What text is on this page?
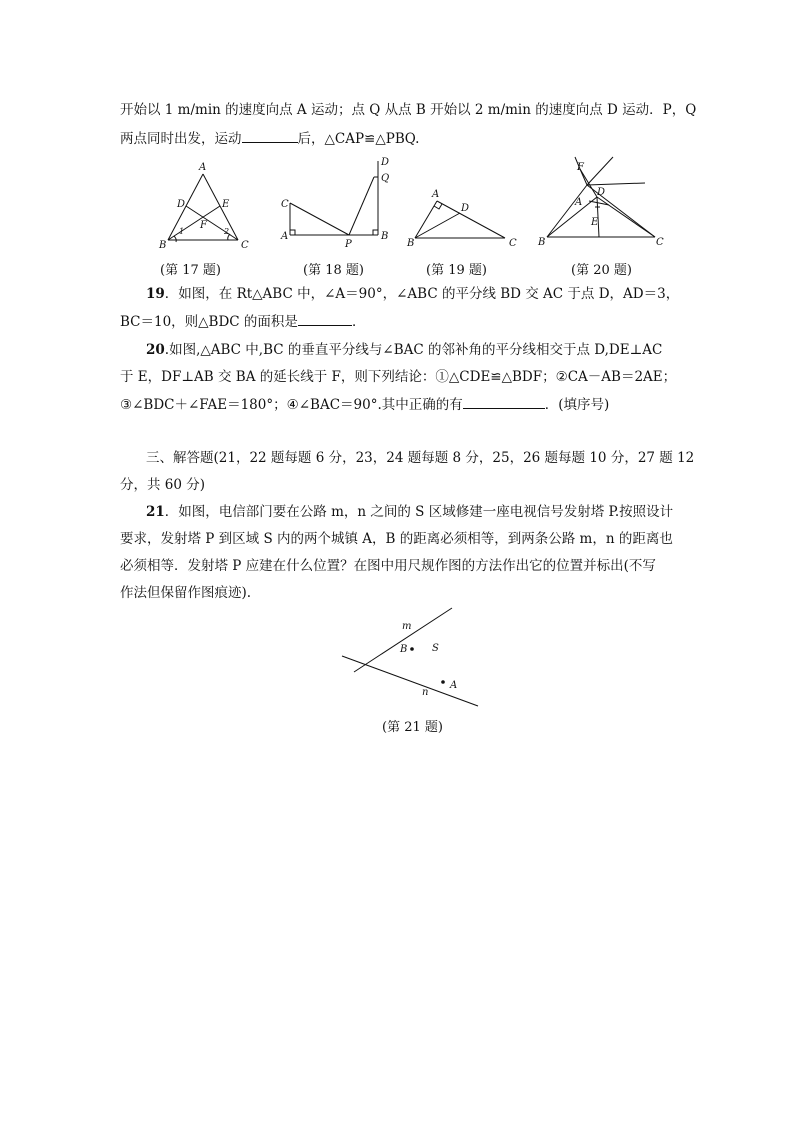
开始以 1 m/min 的速度向点 A 运动；点 Q 从点 B 开始以 2 m/min 的速度向点 D 运动．P，Q
两点同时出发，运动	后，△CAP≌△PBQ.
A
D	E
F
B	C
1	2
C
A
P
B
D
Q
A
D
B	C
F
D
A
E
B	C
(第 17 题)	(第 18 题)	(第 19 题)	(第 20 题)
19．如图，在 Rt△ABC 中，∠A＝90°，∠ABC 的平分线 BD 交 AC 于点 D，AD＝3，
BC＝10，则△BDC 的面积是	．
20.如图,△ABC 中,BC 的垂直平分线与∠BAC 的邻补角的平分线相交于点 D,DE⊥AC
于 E，DF⊥AB 交 BA 的延长线于 F，则下列结论：①△CDE≌△BDF；②CA－AB＝2AE；
③∠BDC＋∠FAE＝180°；④∠BAC＝90°.其中正确的有	．(填序号)
三、解答题(21，22 题每题 6 分，23，24 题每题 8 分，25，26 题每题 10 分，27 题 12
分，共 60 分)
21．如图，电信部门要在公路 m，n 之间的 S 区域修建一座电视信号发射塔 P.按照设计
要求，发射塔 P 到区域 S 内的两个城镇 A，B 的距离必须相等，到两条公路 m，n 的距离也
必须相等．发射塔 P 应建在什么位置？在图中用尺规作图的方法作出它的位置并标出(不写
作法但保留作图痕迹).
m
B S
A
n
(第 21 题)
